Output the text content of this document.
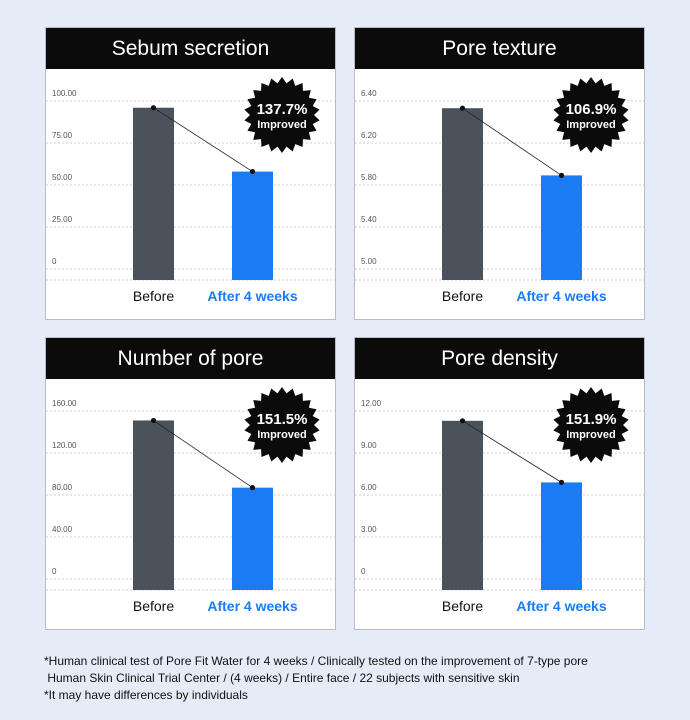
Sebum secretion
0
25.00
50.00
75.00
100.00
Before After 4 weeks
137.7%
Improved
Pore texture
5.00
5.40
5.80
6.20
6.40
Before After 4 weeks
106.9%
Improved
Number of pore
0
40.00
80.00
120.00
160.00
Before After 4 weeks
151.5%
Improved
Pore density
0
3.00
6.00
9.00
12.00
Before After 4 weeks
151.9%
Improved
*Human clinical test of Pore Fit Water for 4 weeks / Clinically tested on the improvement of 7-type pore
Human Skin Clinical Trial Center / (4 weeks) / Entire face / 22 subjects with sensitive skin
*It may have differences by individuals
